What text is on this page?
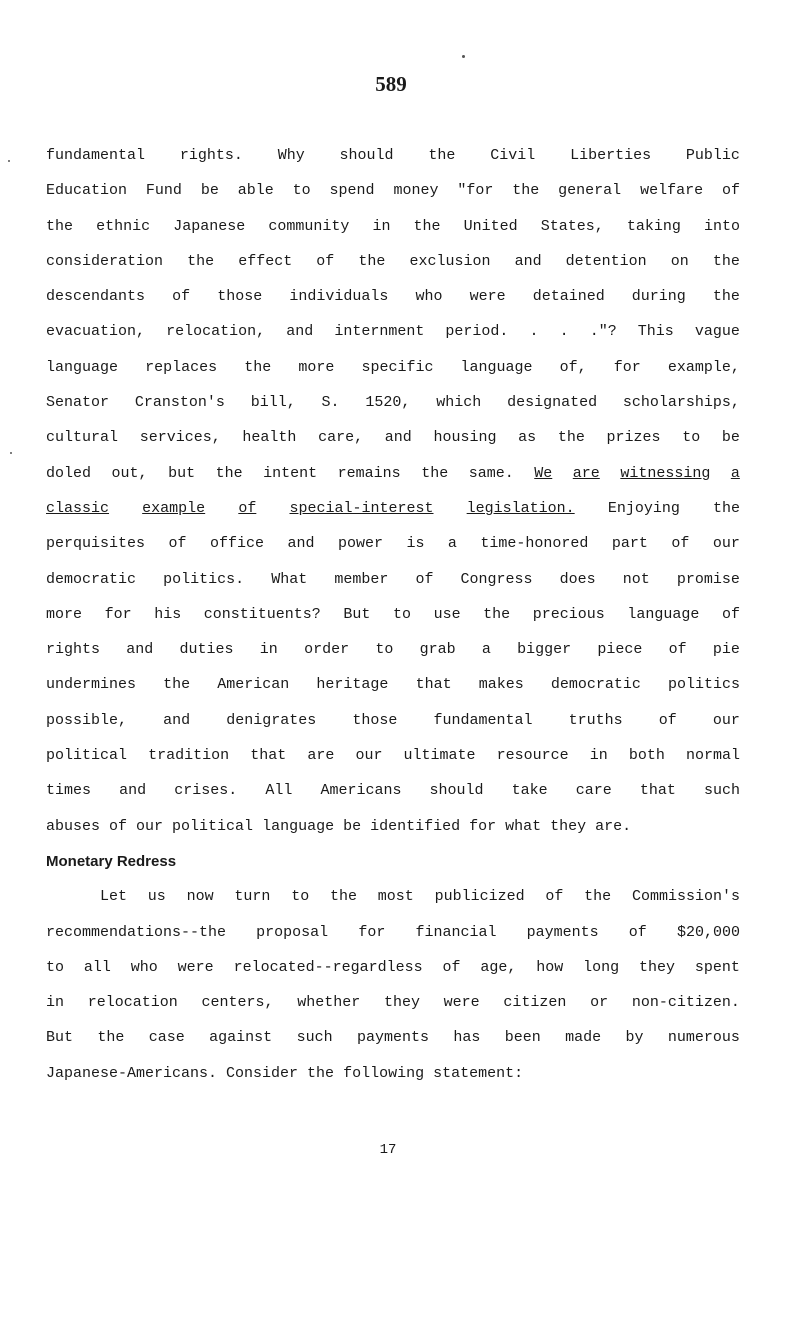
589
fundamental rights. Why should the Civil Liberties Public
Education Fund be able to spend money "for the general welfare of
the ethnic Japanese community in the United States, taking into
consideration the effect of the exclusion and detention on the
descendants of those individuals who were detained during the
evacuation, relocation, and internment period. . . ."? This vague
language replaces the more specific language of, for example,
Senator Cranston's bill, S. 1520, which designated scholarships,
cultural services, health care, and housing as the prizes to be
doled out, but the intent remains the same. We are witnessing a
classic example of special-interest legislation. Enjoying the
perquisites of office and power is a time-honored part of our
democratic politics. What member of Congress does not promise
more for his constituents? But to use the precious language of
rights and duties in order to grab a bigger piece of pie
undermines the American heritage that makes democratic politics
possible, and denigrates those fundamental truths of our
political tradition that are our ultimate resource in both normal
times and crises. All Americans should take care that such
abuses of our political language be identified for what they are.
Monetary Redress
Let us now turn to the most publicized of the Commission's
recommendations--the proposal for financial payments of $20,000
to all who were relocated--regardless of age, how long they spent
in relocation centers, whether they were citizen or non-citizen.
But the case against such payments has been made by numerous
Japanese-Americans. Consider the following statement:
17
